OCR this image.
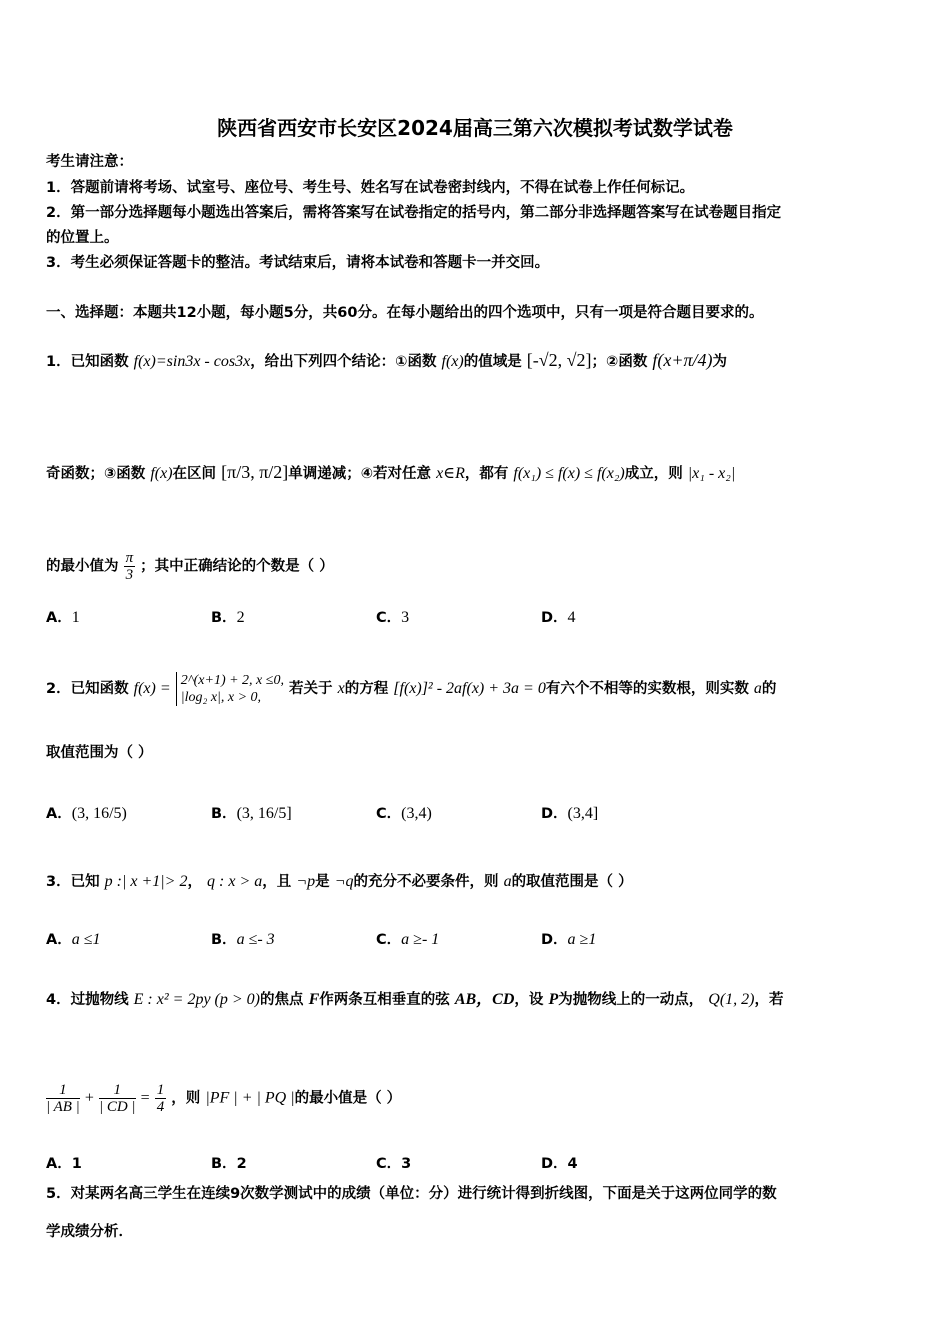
陕西省西安市长安区2024届高三第六次模拟考试数学试卷
考生请注意：
1．答题前请将考场、试室号、座位号、考生号、姓名写在试卷密封线内，不得在试卷上作任何标记。
2．第一部分选择题每小题选出答案后，需将答案写在试卷指定的括号内，第二部分非选择题答案写在试卷题目指定
的位置上。
3．考生必须保证答题卡的整洁。考试结束后，请将本试卷和答题卡一并交回。
一、选择题：本题共12小题，每小题5分，共60分。在每小题给出的四个选项中，只有一项是符合题目要求的。
1．已知函数 f(x)=sin3x - cos3x，给出下列四个结论：①函数 f(x)的值域是 [-√2, √2]；②函数 f(x+π/4)为
奇函数；③函数 f(x)在区间 [π/3, π/2]单调递减；④若对任意 x∈R，都有 f(x₁) ≤ f(x) ≤ f(x₂)成立，则 |x₁ - x₂|
的最小值为 $\frac{\pi}{3}$ ；其中正确结论的个数是（ ）
A．1	B．2	C．3	D．4
2．已知函数 f(x) = 2^(x+1) + 2, x ≤0,
|log₂ x|, x > 0,
若关于 x的方程 [f(x)]² - 2af(x) + 3a = 0有六个不相等的实数根，则实数 a的
取值范围为（ ）
A．(3, 16/5)	B．(3, 16/5]	C．(3,4)	D．(3,4]
3．已知 p :| x +1|> 2， q : x > a，且 ¬p是 ¬q的充分不必要条件，则 a的取值范围是（ ）
A．a ≤1	B．a ≤- 3	C．a ≥- 1	D．a ≥1
4．过抛物线 E : x² = 2py (p > 0)的焦点 F作两条互相垂直的弦 AB，CD，设 P为抛物线上的一动点， Q(1, 2)，若
$\frac{1}{| AB |} + \frac{1}{| CD |} = \frac{1}{4}$ ，则 |PF | + | PQ |的最小值是（ ）
A．1	B．2	C．3	D．4
5．对某两名高三学生在连续9次数学测试中的成绩（单位：分）进行统计得到折线图，下面是关于这两位同学的数
学成绩分析．
